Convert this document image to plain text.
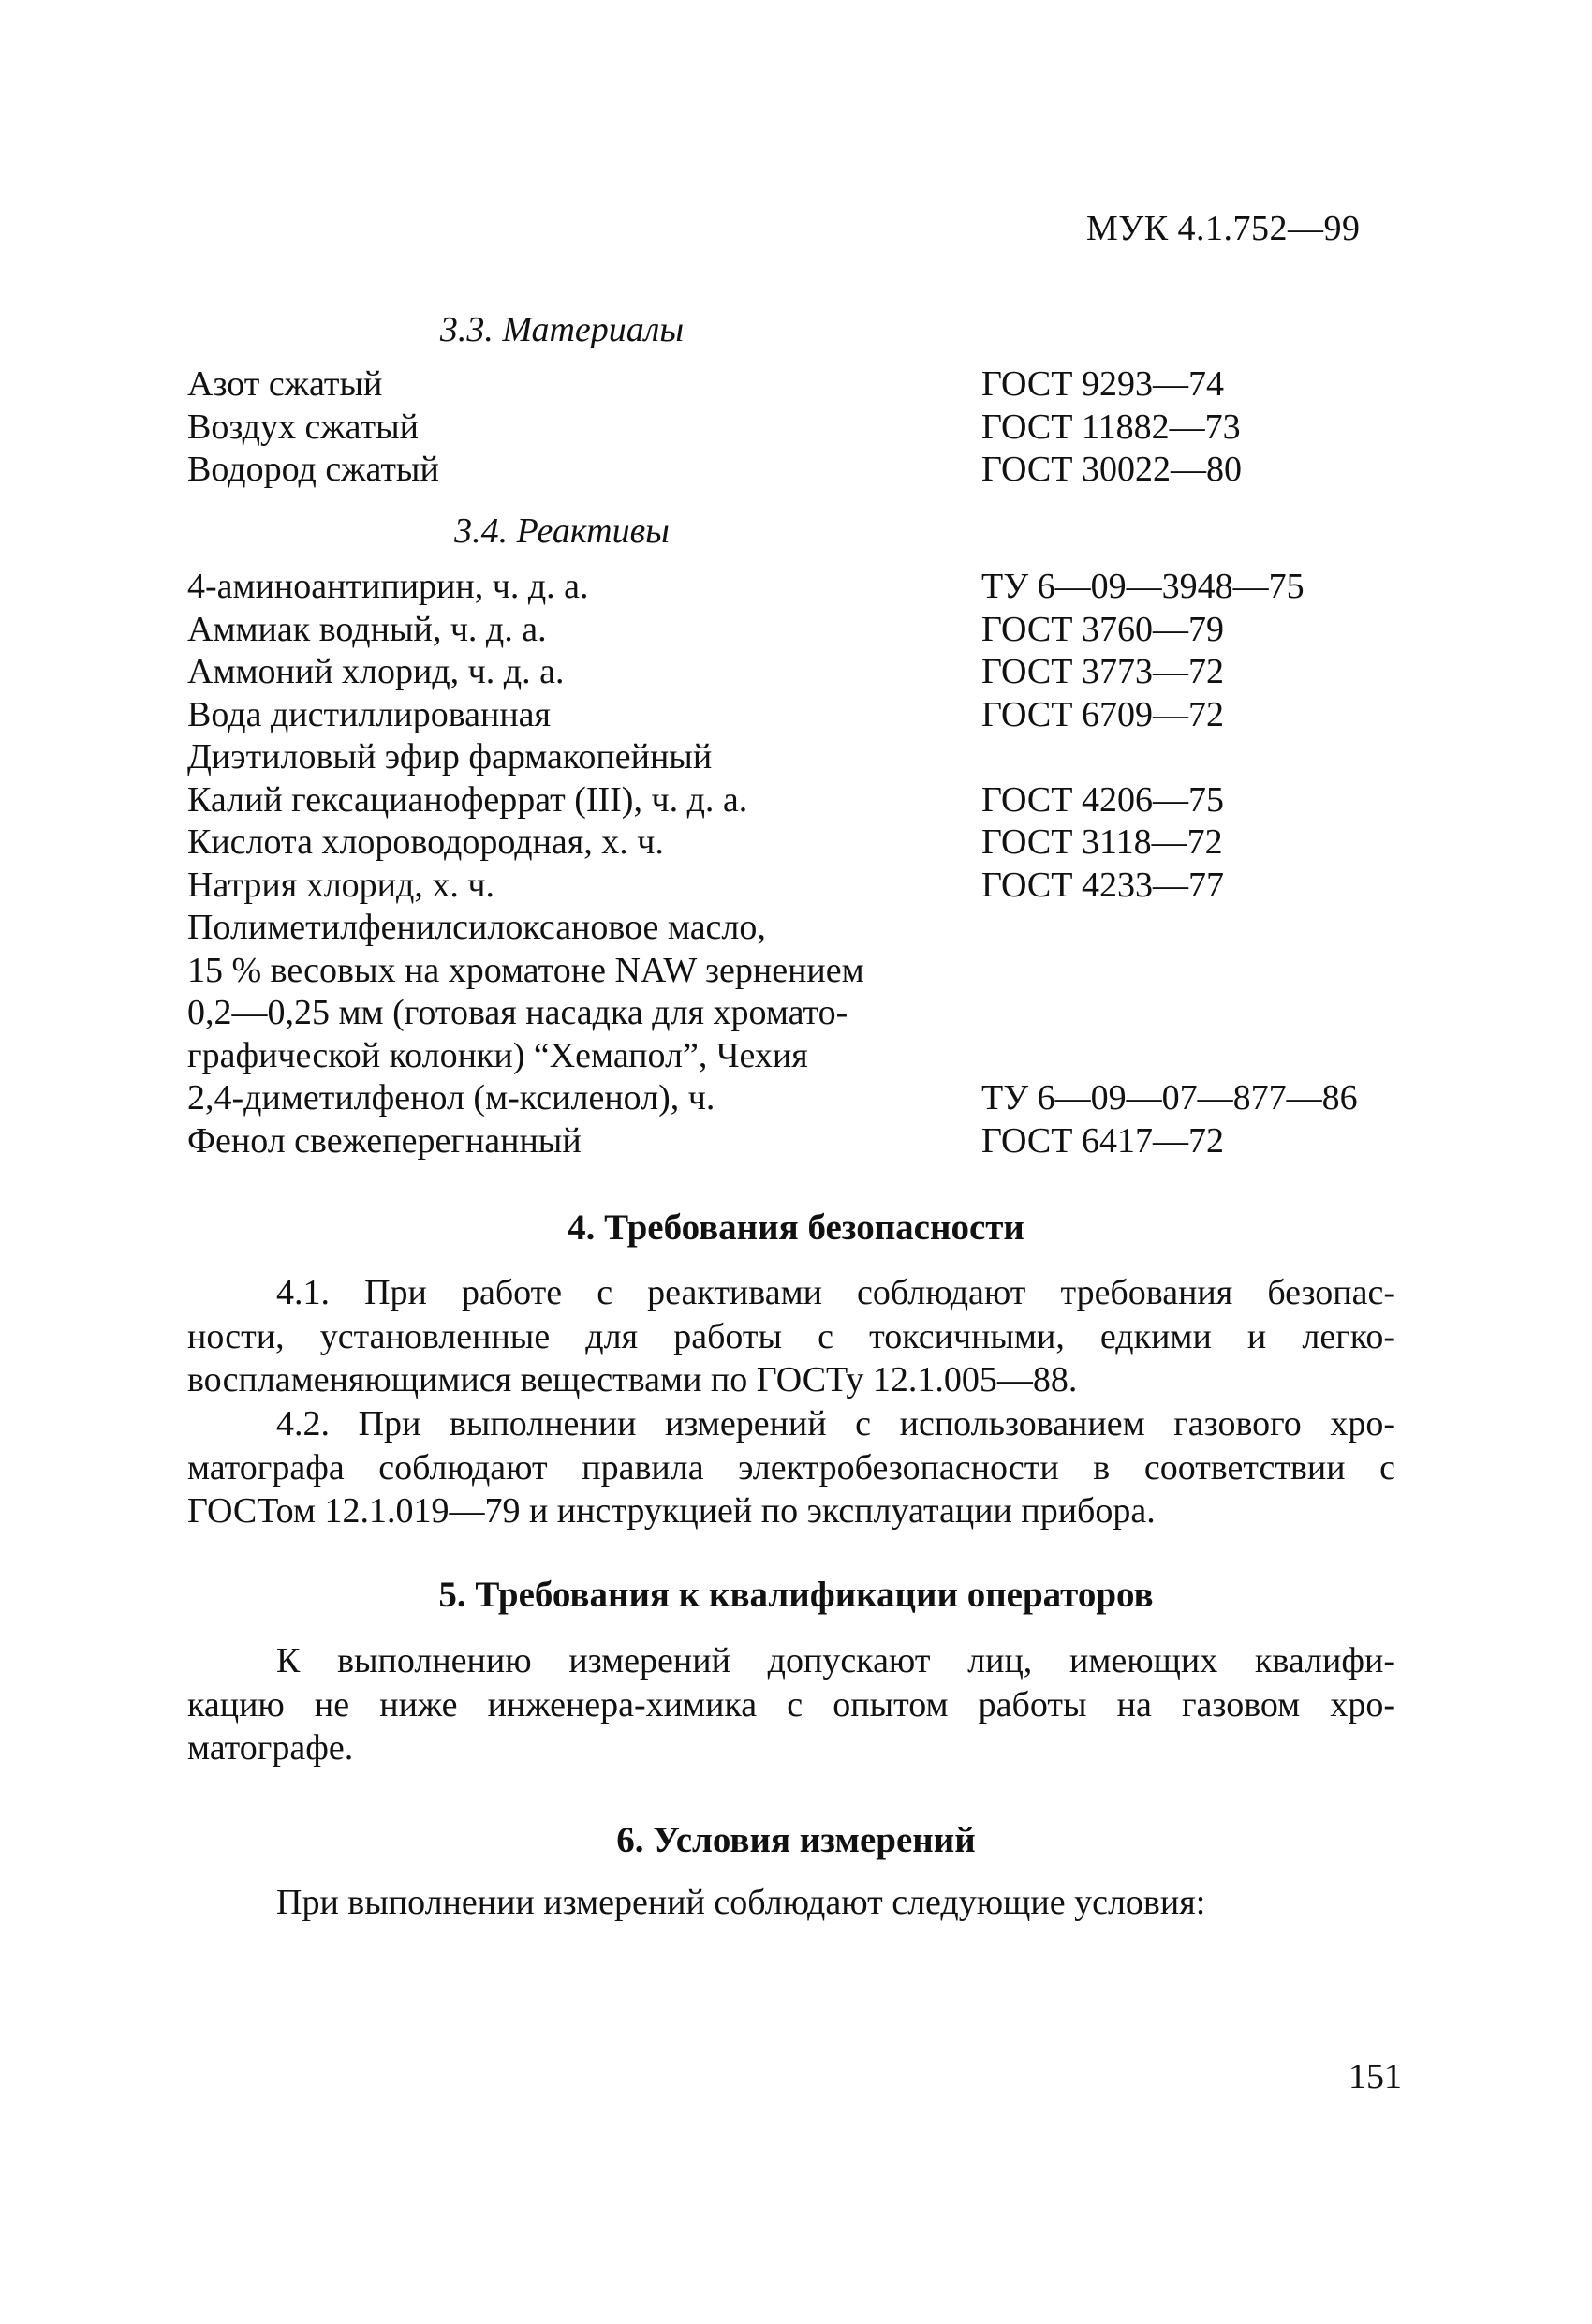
МУК 4.1.752—99
3.3. Материалы
Азот сжатый	ГОСТ 9293—74
Воздух сжатый	ГОСТ 11882—73
Водород сжатый	ГОСТ 30022—80
3.4. Реактивы
4-аминоантипирин, ч. д. а.	ТУ 6—09—3948—75
Аммиак водный, ч. д. а.	ГОСТ 3760—79
Аммоний хлорид, ч. д. а.	ГОСТ 3773—72
Вода дистиллированная	ГОСТ 6709—72
Диэтиловый эфир фармакопейный
Калий гексацианоферрат (III), ч. д. а.	ГОСТ 4206—75
Кислота хлороводородная, х. ч.	ГОСТ 3118—72
Натрия хлорид, х. ч.	ГОСТ 4233—77
Полиметилфенилсилоксановое масло,
15 % весовых на хроматоне NAW зернением
0,2—0,25 мм (готовая насадка для хромато-
графической колонки) “Хемапол”, Чехия
2,4-диметилфенол (м-ксиленол), ч.	ТУ 6—09—07—877—86
Фенол свежеперегнанный	ГОСТ 6417—72
4. Требования безопасности
4.1. При работе с реактивами соблюдают требования безопас-
ности, установленные для работы с токсичными, едкими и легко-
воспламеняющимися веществами по ГОСТу 12.1.005—88.
4.2. При выполнении измерений с использованием газового хро-
матографа соблюдают правила электробезопасности в соответствии с
ГОСТом 12.1.019—79 и инструкцией по эксплуатации прибора.
5. Требования к квалификации операторов
К выполнению измерений допускают лиц, имеющих квалифи-
кацию не ниже инженера-химика с опытом работы на газовом хро-
матографе.
6. Условия измерений
При выполнении измерений соблюдают следующие условия:
151
